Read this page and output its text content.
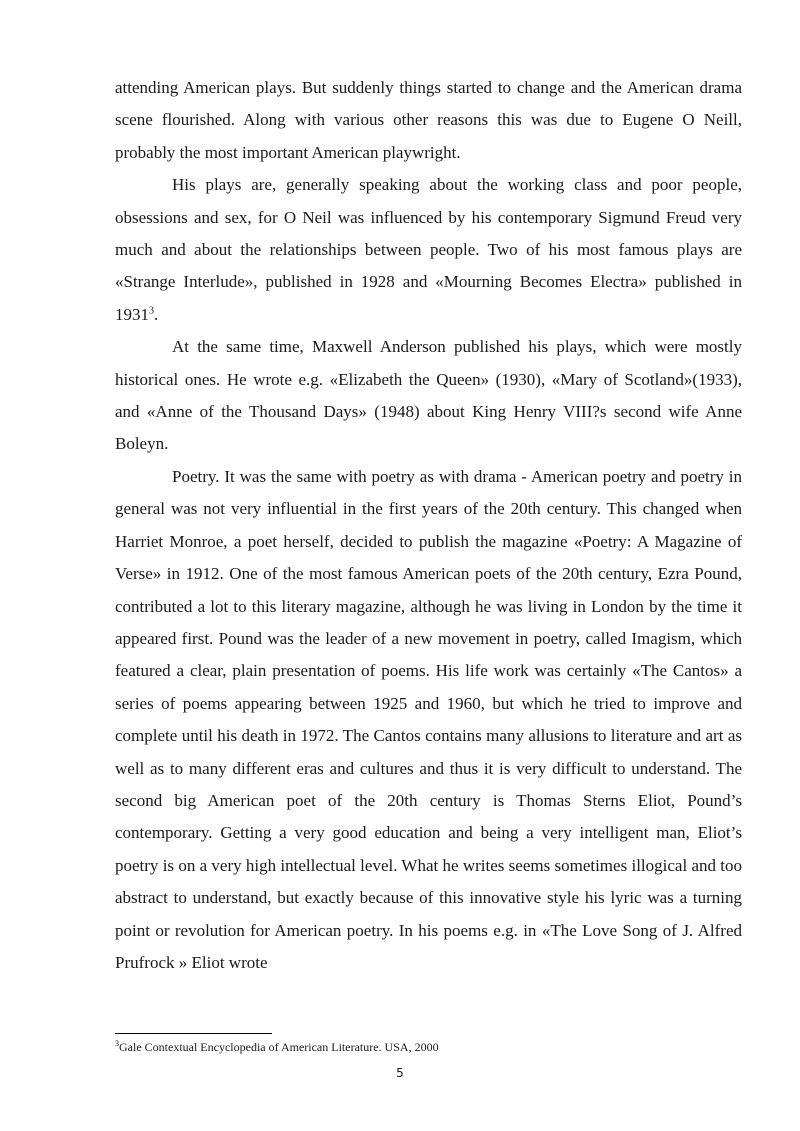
attending American plays. But suddenly things started to change and the American drama scene flourished. Along with various other reasons this was due to Eugene O Neill, probably the most important American playwright.

His plays are, generally speaking about the working class and poor people, obsessions and sex, for O Neil was influenced by his contemporary Sigmund Freud very much and about the relationships between people. Two of his most famous plays are «Strange Interlude», published in 1928 and «Mourning Becomes Electra» published in 1931$^3$.

At the same time, Maxwell Anderson published his plays, which were mostly historical ones. He wrote e.g. «Elizabeth the Queen» (1930), «Mary of Scotland»(1933), and «Anne of the Thousand Days» (1948) about King Henry VIII?s second wife Anne Boleyn.

Poetry. It was the same with poetry as with drama - American poetry and poetry in general was not very influential in the first years of the 20th century. This changed when Harriet Monroe, a poet herself, decided to publish the magazine «Poetry: A Magazine of Verse» in 1912. One of the most famous American poets of the 20th century, Ezra Pound, contributed a lot to this literary magazine, although he was living in London by the time it appeared first. Pound was the leader of a new movement in poetry, called Imagism, which featured a clear, plain presentation of poems. His life work was certainly «The Cantos» a series of poems appearing between 1925 and 1960, but which he tried to improve and complete until his death in 1972. The Cantos contains many allusions to literature and art as well as to many different eras and cultures and thus it is very difficult to understand. The second big American poet of the 20th century is Thomas Sterns Eliot, Pound’s contemporary. Getting a very good education and being a very intelligent man, Eliot’s poetry is on a very high intellectual level. What he writes seems sometimes illogical and too abstract to understand, but exactly because of this innovative style his lyric was a turning point or revolution for American poetry. In his poems e.g. in «The Love Song of J. Alfred Prufrock » Eliot wrote

$^3$Gale Contextual Encyclopedia of American Literature. USA, 2000
5
